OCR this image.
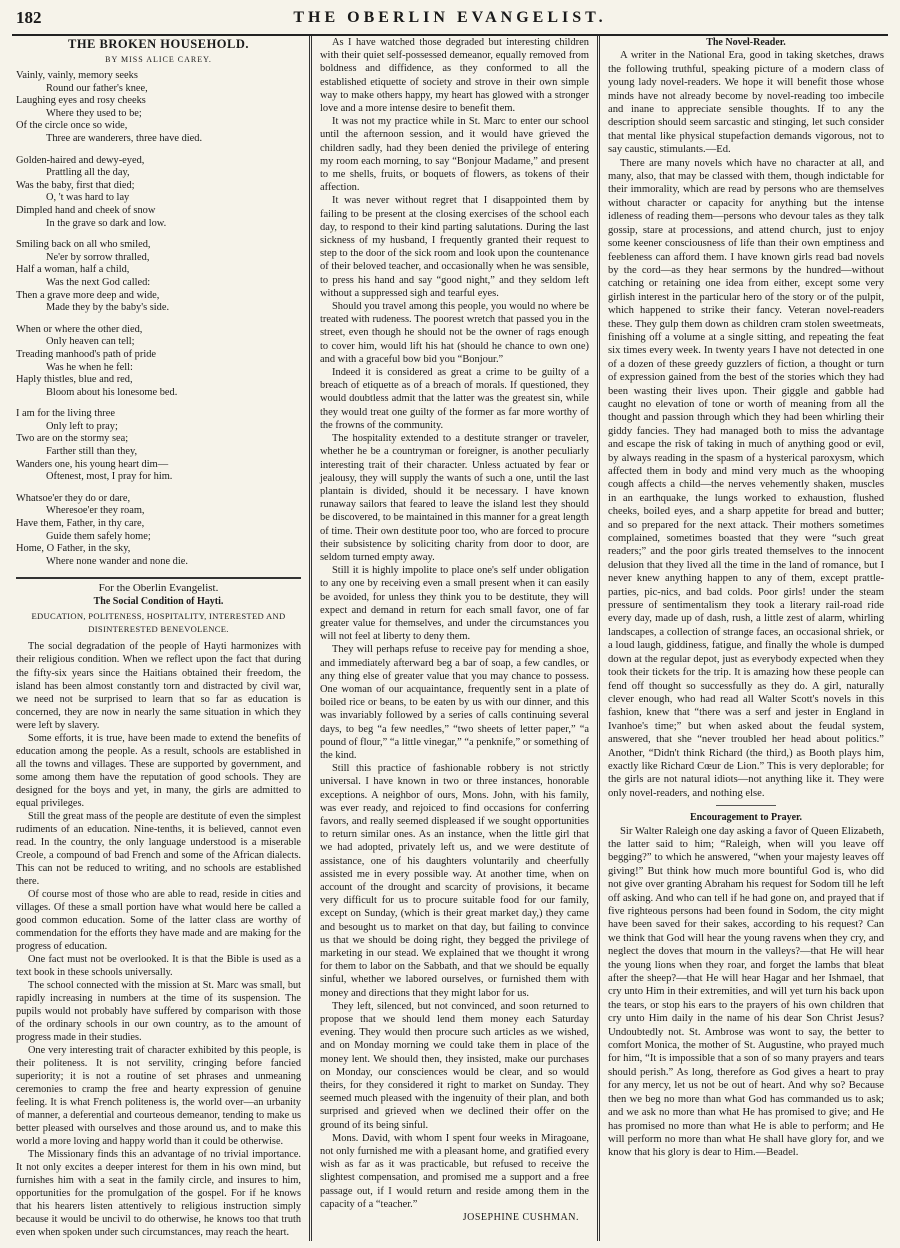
182	THE OBERLIN EVANGELIST.
THE BROKEN HOUSEHOLD.
BY MISS ALICE CAREY.
Vainly, vainly, memory seeks
Round our father's knee,
Laughing eyes and rosy cheeks
Where they used to be;
Of the circle once so wide,
Three are wanderers, three have died.
Golden-haired and dewy-eyed,
Prattling all the day,
Was the baby, first that died;
O, 't was hard to lay
Dimpled hand and cheek of snow
In the grave so dark and low.
Smiling back on all who smiled,
Ne'er by sorrow thralled,
Half a woman, half a child,
Was the next God called:
Then a grave more deep and wide,
Made they by the baby's side.
When or where the other died,
Only heaven can tell;
Treading manhood's path of pride
Was he when he fell:
Haply thistles, blue and red,
Bloom about his lonesome bed.
I am for the living three
Only left to pray;
Two are on the stormy sea;
Farther still than they,
Wanders one, his young heart dim—
Oftenest, most, I pray for him.
Whatsoe'er they do or dare,
Wheresoe'er they roam,
Have them, Father, in thy care,
Guide them safely home;
Home, O Father, in the sky,
Where none wander and none die.
For the Oberlin Evangelist.
The Social Condition of Hayti.
EDUCATION, POLITENESS, HOSPITALITY, INTERESTED AND DISINTERESTED BENEVOLENCE.

The social degradation of the people of Hayti harmonizes with their religious condition. When we reflect upon the fact that during the fifty-six years since the Haitians obtained their freedom, the island has been almost constantly torn and distracted by civil war, we need not be surprised to learn that so far as education is concerned, they are now in nearly the same situation in which they were left by slavery.

Some efforts, it is true, have been made to extend the benefits of education among the people. As a result, schools are established in all the towns and villages. These are supported by government, and some among them have the reputation of good schools. They are designed for the boys and yet, in many, the girls are admitted to equal privileges.

Still the great mass of the people are destitute of even the simplest rudiments of an education. Nine-tenths, it is believed, cannot even read. In the country, the only language understood is a miserable Creole, a compound of bad French and some of the African dialects. This can not be reduced to writing, and no schools are established there.

Of course most of those who are able to read, reside in cities and villages. Of these a small portion have what would here be called a good common education. Some of the latter class are worthy of commendation for the efforts they have made and are making for the progress of education.

One fact must not be overlooked. It is that the Bible is used as a text book in these schools universally.

The school connected with the mission at St. Marc was small, but rapidly increasing in numbers at the time of its suspension. The pupils would not probably have suffered by comparison with those of the ordinary schools in our own country, as to the amount of progress made in their studies.

One very interesting trait of character exhibited by this people, is their politeness. It is not servility, cringing before fancied superiority; it is not a routine of set phrases and unmeaning ceremonies to cramp the free and hearty expression of genuine feeling. It is what French politeness is, the world over—an urbanity of manner, a deferential and courteous demeanor, tending to make us better pleased with ourselves and those around us, and to make this world a more loving and happy world than it could be otherwise.

The Missionary finds this an advantage of no trivial importance. It not only excites a deeper interest for them in his own mind, but furnishes him with a seat in the family circle, and insures to him, opportunities for the promulgation of the gospel. For if he knows that his hearers listen attentively to religious instruction simply because it would be uncivil to do otherwise, he knows too that truth even when spoken under such circumstances, may reach the heart.

As I have watched those degraded but interesting children with their quiet self-possessed demeanor, equally removed from boldness and diffidence, as they conformed to all the established etiquette of society and strove in their own simple way to make others happy, my heart has glowed with a stronger love and a more intense desire to benefit them.

It was not my practice while in St. Marc to enter our school until the afternoon session, and it would have grieved the children sadly, had they been denied the privilege of entering my room each morning, to say “Bonjour Madame,” and present to me shells, fruits, or boquets of flowers, as tokens of their affection.

It was never without regret that I disappointed them by failing to be present at the closing exercises of the school each day, to respond to their kind parting salutations. During the last sickness of my husband, I frequently granted their request to step to the door of the sick room and look upon the countenance of their beloved teacher, and occasionally when he was sensible, to press his hand and say “good night,” and they seldom left without a suppressed sigh and tearful eyes.

Should you travel among this people, you would no where be treated with rudeness. The poorest wretch that passed you in the street, even though he should not be the owner of rags enough to cover him, would lift his hat (should he chance to own one) and with a graceful bow bid you “Bonjour.”

Indeed it is considered as great a crime to be guilty of a breach of etiquette as of a breach of morals. If questioned, they would doubtless admit that the latter was the greatest sin, while they would treat one guilty of the former as far more worthy of the frowns of the community.

The hospitality extended to a destitute stranger or traveler, whether he be a countryman or foreigner, is another peculiarly interesting trait of their character. Unless actuated by fear or jealousy, they will supply the wants of such a one, until the last plantain is divided, should it be necessary. I have known runaway sailors that feared to leave the island lest they should be discovered, to be maintained in this manner for a great length of time. Their own destitute poor too, who are forced to procure their subsistence by soliciting charity from door to door, are seldom turned empty away.

Still it is highly impolite to place one's self under obligation to any one by receiving even a small present when it can easily be avoided, for unless they think you to be destitute, they will expect and demand in return for each small favor, one of far greater value for themselves, and under the circumstances you will not feel at liberty to deny them.

They will perhaps refuse to receive pay for mending a shoe, and immediately afterward beg a bar of soap, a few candles, or any thing else of greater value that you may chance to possess. One woman of our acquaintance, frequently sent in a plate of boiled rice or beans, to be eaten by us with our dinner, and this was invariably followed by a series of calls continuing several days, to beg “a few needles,” “two sheets of letter paper,” “a pound of flour,” “a little vinegar,” “a penknife,” or something of the kind.

Still this practice of fashionable robbery is not strictly universal. I have known in two or three instances, honorable exceptions. A neighbor of ours, Mons. John, with his family, was ever ready, and rejoiced to find occasions for conferring favors, and really seemed displeased if we sought opportunities to return similar ones. As an instance, when the little girl that we had adopted, privately left us, and we were destitute of assistance, one of his daughters voluntarily and cheerfully assisted me in every possible way. At another time, when on account of the drought and scarcity of provisions, it became very difficult for us to procure suitable food for our family, except on Sunday, (which is their great market day,) they came and besought us to market on that day, but failing to convince us that we should be doing right, they begged the privilege of marketing in our stead. We explained that we thought it wrong for them to labor on the Sabbath, and that we should be equally sinful, whether we labored ourselves, or furnished them with money and directions that they might labor for us.

They left, silenced, but not convinced, and soon returned to propose that we should lend them money each Saturday evening. They would then procure such articles as we wished, and on Monday morning we could take them in place of the money lent. We should then, they insisted, make our purchases on Monday, our consciences would be clear, and so would theirs, for they considered it right to market on Sunday. They seemed much pleased with the ingenuity of their plan, and both surprised and grieved when we declined their offer on the ground of its being sinful.

Mons. David, with whom I spent four weeks in Miragoane, not only furnished me with a pleasant home, and gratified every wish as far as it was practicable, but refused to receive the slightest compensation, and promised me a support and a free passage out, if I would return and reside among them in the capacity of a “teacher.”

JOSEPHINE CUSHMAN.
The Novel-Reader.

A writer in the National Era, good in taking sketches, draws the following truthful, speaking picture of a modern class of young lady novel-readers. We hope it will benefit those whose minds have not already become by novel-reading too imbecile and inane to appreciate sensible thoughts. If to any the description should seem sarcastic and stinging, let such consider that mental like physical stupefaction demands vigorous, not to say caustic, stimulants.—Ed.

There are many novels which have no character at all, and many, also, that may be classed with them, though indictable for their immorality, which are read by persons who are themselves without character or capacity for anything but the intense idleness of reading them—persons who devour tales as they talk gossip, stare at processions, and attend church, just to enjoy some keener consciousness of life than their own emptiness and feebleness can afford them. I have known girls read bad novels by the cord—as they hear sermons by the hundred—without catching or retaining one idea from either, except some very girlish interest in the particular hero of the story or of the pulpit, which happened to strike their fancy. Veteran novel-readers these. They gulp them down as children cram stolen sweetmeats, finishing off a volume at a single sitting, and repeating the feat six times every week. In twenty years I have not detected in one of a dozen of these greedy guzzlers of fiction, a thought or turn of expression gained from the best of the stories which they had been wasting their lives upon. Their giggle and gabble had caught no elevation of tone or worth of meaning from all the thought and passion through which they had been whirling their giddy fancies. They had managed both to miss the advantage and escape the risk of taking in much of anything good or evil, by always reading in the spasm of a hysterical paroxysm, which affected them in body and mind very much as the whooping cough affects a child—the nerves vehemently shaken, muscles in an earthquake, the lungs worked to exhaustion, flushed cheeks, boiled eyes, and a sharp appetite for bread and butter; and so prepared for the next attack. Their mothers sometimes complained, sometimes boasted that they were “such great readers;” and the poor girls treated themselves to the innocent delusion that they lived all the time in the land of romance, but I never knew anything happen to any of them, except prattle-parties, pic-nics, and bad colds. Poor girls! under the steam pressure of sentimentalism they took a literary rail-road ride every day, made up of dash, rush, a little zest of alarm, whirling landscapes, a collection of strange faces, an occasional shriek, or a loud laugh, giddiness, fatigue, and finally the whole is dumped down at the regular depot, just as everybody expected when they took their tickets for the trip. It is amazing how these people can fend off thought so successfully as they do. A girl, naturally clever enough, who had read all Walter Scott's novels in this fashion, knew that “there was a serf and jester in England in Ivanhoe's time;” but when asked about the feudal system, answered, that she “never troubled her head about politics.” Another, “Didn't think Richard (the third,) as Booth plays him, exactly like Richard Cœur de Lion.” This is very deplorable; for the girls are not natural idiots—not anything like it. They were only novel-readers, and nothing else.

Encouragement to Prayer.

Sir Walter Raleigh one day asking a favor of Queen Elizabeth, the latter said to him; “Raleigh, when will you leave off begging?” to which he answered, “when your majesty leaves off giving!” But think how much more bountiful God is, who did not give over granting Abraham his request for Sodom till he left off asking. And who can tell if he had gone on, and prayed that if five righteous persons had been found in Sodom, the city might have been saved for their sakes, according to his request? Can we think that God will hear the young ravens when they cry, and neglect the doves that mourn in the valleys?—that He will hear the young lions when they roar, and forget the lambs that bleat after the sheep?—that He will hear Hagar and her Ishmael, that cry unto Him in their extremities, and will yet turn his back upon the tears, or stop his ears to the prayers of his own children that cry unto Him daily in the name of his dear Son Christ Jesus? Undoubtedly not. St. Ambrose was wont to say, the better to comfort Monica, the mother of St. Augustine, who prayed much for him, “It is impossible that a son of so many prayers and tears should perish.” As long, therefore as God gives a heart to pray for any mercy, let us not be out of heart. And why so? Because then we beg no more than what God has commanded us to ask; and we ask no more than what He has promised to give; and He has promised no more than what He is able to perform; and He will perform no more than what He shall have glory for, and we know that his glory is dear to Him.—Beadel.
